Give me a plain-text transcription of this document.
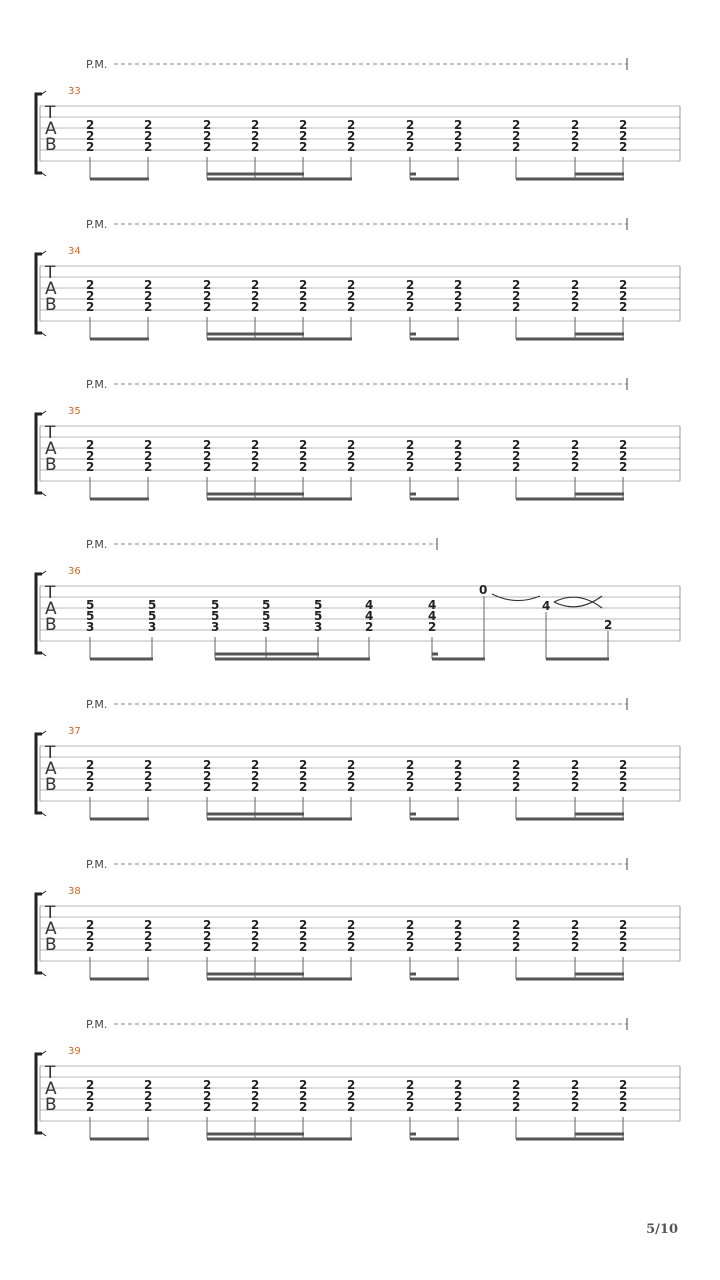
P.M.
33
T
A
B
2
2
2
2
2
2
2
2
2
2
2
2
2
2
2
2
2
2
2
2
2
2
2
2
2
2
2
2
2
2
2
2
2
P.M.
34
T
A
B
2
2
2
2
2
2
2
2
2
2
2
2
2
2
2
2
2
2
2
2
2
2
2
2
2
2
2
2
2
2
2
2
2
P.M.
35
T
A
B
2
2
2
2
2
2
2
2
2
2
2
2
2
2
2
2
2
2
2
2
2
2
2
2
2
2
2
2
2
2
2
2
2
P.M.
36
T
A
B
5
5
3
5
5
3
5
5
3
5
5
3
5
5
3
4
4
2
4
4
2
0
4
2
P.M.
37
T
A
B
2
2
2
2
2
2
2
2
2
2
2
2
2
2
2
2
2
2
2
2
2
2
2
2
2
2
2
2
2
2
2
2
2
P.M.
38
T
A
B
2
2
2
2
2
2
2
2
2
2
2
2
2
2
2
2
2
2
2
2
2
2
2
2
2
2
2
2
2
2
2
2
2
P.M.
39
T
A
B
2
2
2
2
2
2
2
2
2
2
2
2
2
2
2
2
2
2
2
2
2
2
2
2
2
2
2
2
2
2
2
2
2
5/10
